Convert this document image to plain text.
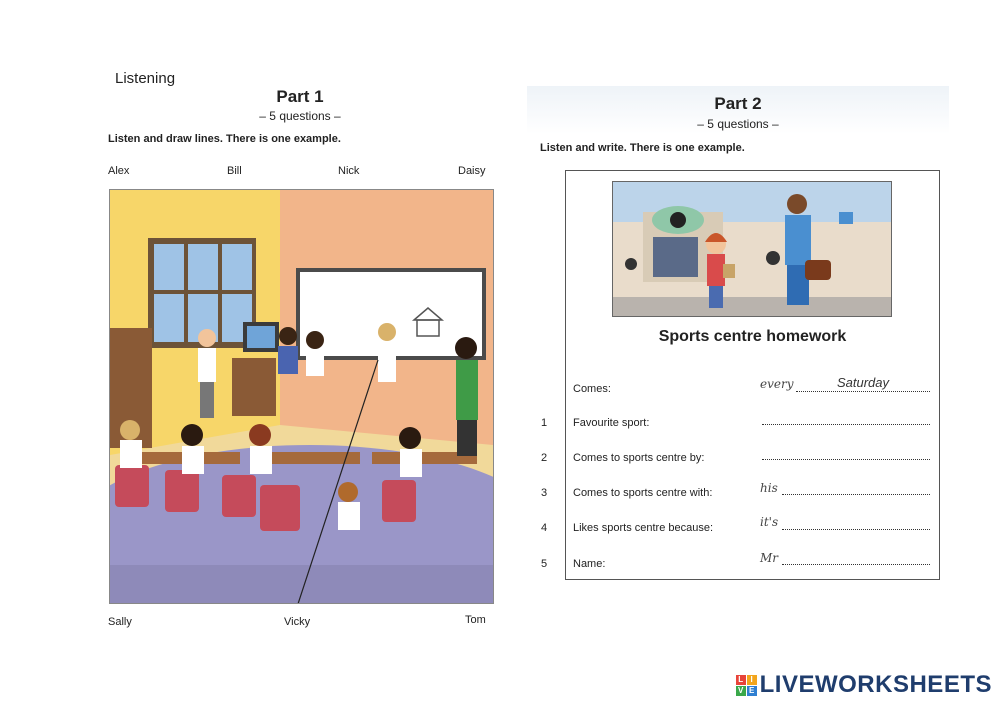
Listening
Part 1
– 5 questions –
Listen and draw lines. There is one example.
Alex	Bill	Nick	Daisy
Sally	Vicky	Tom
Part 2
– 5 questions –
Listen and write. There is one example.
Sports centre homework
Comes:	every	Saturday
1	Favourite sport:
2	Comes to sports centre by:
3	Comes to sports centre with:	his
4	Likes sports centre because:	it's
5	Name:	Mr
L I
V E LIVEWORKSHEETS
